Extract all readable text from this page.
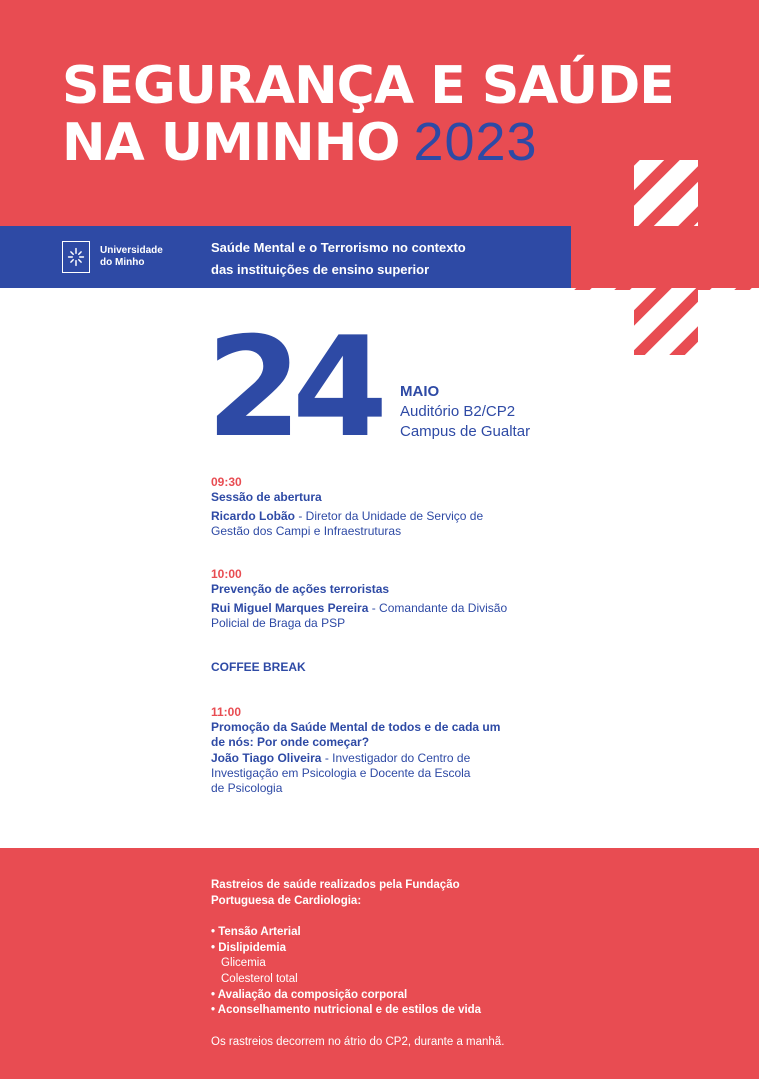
SEGURANÇA E SAÚDE
NA UMINHO 2023
Universidade
do Minho
Saúde Mental e o Terrorismo no contexto
das instituições de ensino superior
24 MAIO
Auditório B2/CP2
Campus de Gualtar
09:30
Sessão de abertura
Ricardo Lobão - Diretor da Unidade de Serviço de
Gestão dos Campi e Infraestruturas
10:00
Prevenção de ações terroristas
Rui Miguel Marques Pereira - Comandante da Divisão
Policial de Braga da PSP
COFFEE BREAK
11:00
Promoção da Saúde Mental de todos e de cada um
de nós: Por onde começar?
João Tiago Oliveira - Investigador do Centro de
Investigação em Psicologia e Docente da Escola
de Psicologia
Rastreios de saúde realizados pela Fundação
Portuguesa de Cardiologia:
• Tensão Arterial
• Dislipidemia
Glicemia
Colesterol total
• Avaliação da composição corporal
• Aconselhamento nutricional e de estilos de vida
Os rastreios decorrem no átrio do CP2, durante a manhã.
